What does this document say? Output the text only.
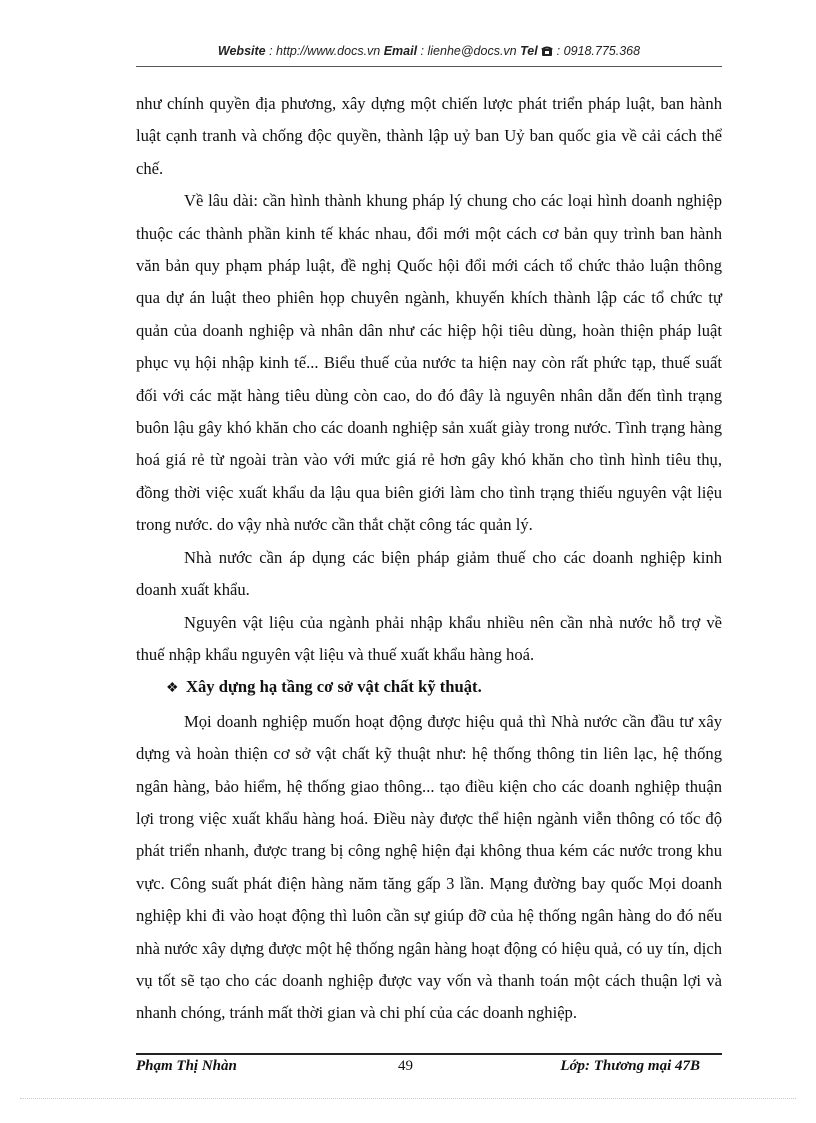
Website : http://www.docs.vn Email : lienhe@docs.vn Tel  : 0918.775.368

như chính quyền địa phương, xây dựng một chiến lược phát triển pháp luật, ban hành luật cạnh tranh và chống độc quyền, thành lập uỷ ban Uỷ ban quốc gia về cải cách thể chế.

Về lâu dài: cần hình thành khung pháp lý chung cho các loại hình doanh nghiệp thuộc các thành phần kinh tế khác nhau, đổi mới một cách cơ bản quy trình ban hành văn bản quy phạm pháp luật, đề nghị Quốc hội đổi mới cách tổ chức thảo luận thông qua dự án luật theo phiên họp chuyên ngành, khuyến khích thành lập các tổ chức tự quản của doanh nghiệp và nhân dân như các hiệp hội tiêu dùng, hoàn thiện pháp luật phục vụ hội nhập kinh tế... Biểu thuế của nước ta hiện nay còn rất phức tạp, thuế suất đối với các mặt hàng tiêu dùng còn cao, do đó đây là nguyên nhân dẫn đến tình trạng buôn lậu gây khó khăn cho các doanh nghiệp sản xuất giày trong nước. Tình trạng hàng hoá giá rẻ từ ngoài tràn vào với mức giá rẻ hơn gây khó khăn cho tình hình tiêu thụ, đồng thời việc xuất khẩu da lậu qua biên giới làm cho tình trạng thiếu nguyên vật liệu trong nước. do vậy nhà nước cần thắt chặt công tác quản lý.

Nhà nước cần áp dụng các biện pháp giảm thuế cho các doanh nghiệp kinh doanh xuất khẩu.

Nguyên vật liệu của ngành phải nhập khẩu nhiều nên cần nhà nước hỗ trợ về thuế nhập khẩu nguyên vật liệu và thuế xuất khẩu hàng hoá.

❖ Xây dựng hạ tầng cơ sở vật chất kỹ thuật.

Mọi doanh nghiệp muốn hoạt động được hiệu quả thì Nhà nước cần đầu tư xây dựng và hoàn thiện cơ sở vật chất kỹ thuật như: hệ thống thông tin liên lạc, hệ thống ngân hàng, bảo hiểm, hệ thống giao thông... tạo điều kiện cho các doanh nghiệp thuận lợi trong việc xuất khẩu hàng hoá. Điều này được thể hiện ngành viễn thông có tốc độ phát triển nhanh, được trang bị công nghệ hiện đại không thua kém các nước trong khu vực. Công suất phát điện hàng năm tăng gấp 3 lần. Mạng đường bay quốc Mọi doanh nghiệp khi đi vào hoạt động thì luôn cần sự giúp đỡ của hệ thống ngân hàng do đó nếu nhà nước xây dựng được một hệ thống ngân hàng hoạt động có hiệu quả, có uy tín, dịch vụ tốt sẽ tạo cho các doanh nghiệp được vay vốn và thanh toán một cách thuận lợi và nhanh chóng, tránh mất thời gian và chi phí của các doanh nghiệp.

Phạm Thị Nhàn	49	Lớp: Thương mại 47B
